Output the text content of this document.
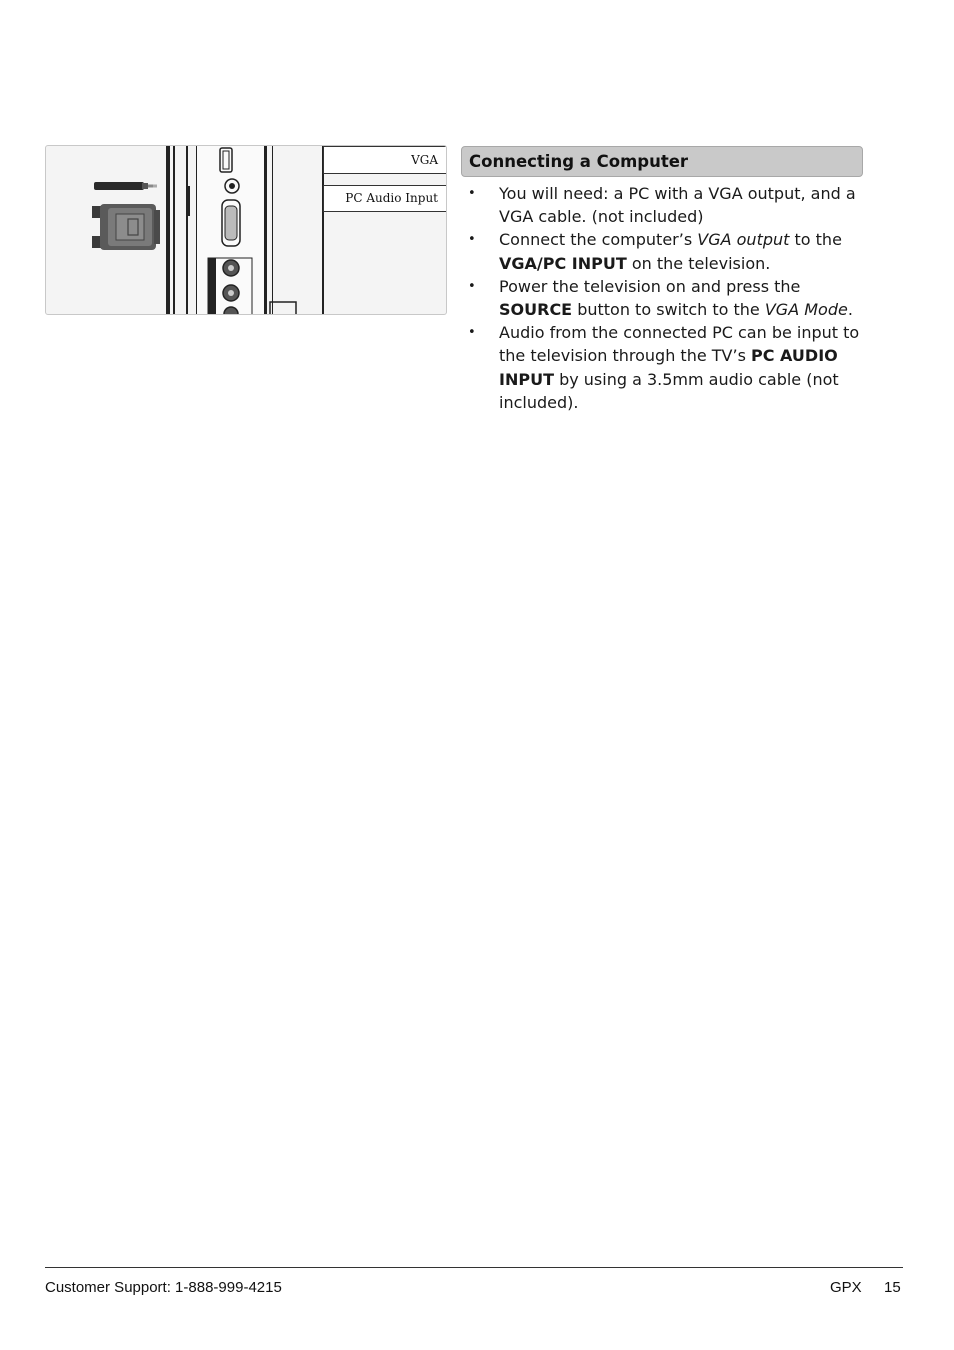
VGA
PC Audio Input
Connecting a Computer
• You will need: a PC with a VGA output, and a VGA cable. (not included)
• Connect the computer’s VGA output to the VGA/PC INPUT on the television.
• Power the television on and press the SOURCE button to switch to the VGA Mode.
• Audio from the connected PC can be input to the television through the TV’s PC AUDIO INPUT by using a 3.5mm audio cable (not included).
Customer Support: 1-888-999-4215	GPX 15
